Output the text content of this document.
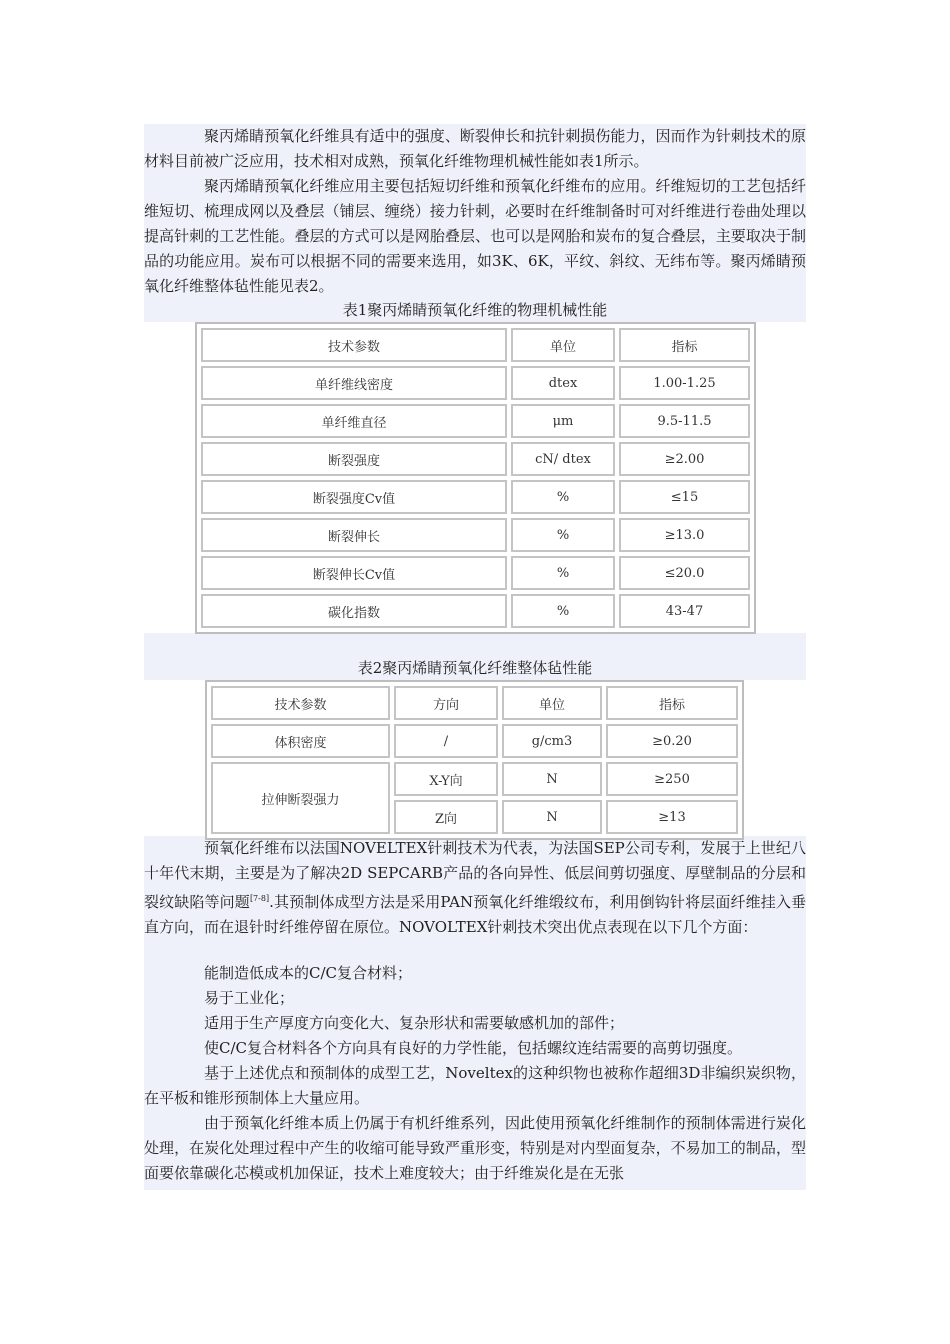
聚丙烯睛预氧化纤维具有适中的强度、断裂伸长和抗针刺损伤能力，因而作为针刺技术的原材料目前被广泛应用，技术相对成熟，预氧化纤维物理机械性能如表1所示。

聚丙烯睛预氧化纤维应用主要包括短切纤维和预氧化纤维布的应用。纤维短切的工艺包括纤维短切、梳理成网以及叠层（铺层、缠绕）接力针刺，必要时在纤维制备时可对纤维进行卷曲处理以提高针刺的工艺性能。叠层的方式可以是网胎叠层、也可以是网胎和炭布的复合叠层，主要取决于制品的功能应用。炭布可以根据不同的需要来选用，如3K、6K，平纹、斜纹、无纬布等。聚丙烯睛预氧化纤维整体毡性能见表2。

表1聚丙烯睛预氧化纤维的物理机械性能
技术参数	单位	指标
单纤维线密度	dtex	1.00-1.25
单纤维直径	μm	9.5-11.5
断裂强度	cN/ dtex	≥2.00
断裂强度Cv值	%	≤15
断裂伸长	%	≥13.0
断裂伸长Cv值	%	≤20.0
碳化指数	%	43-47
表2聚丙烯睛预氧化纤维整体毡性能
技术参数	方向	单位	指标
体积密度	/	g/cm3	≥0.20
拉伸断裂强力	X-Y向	N	≥250
	Z向	N	≥13

预氧化纤维布以法国NOVELTEX针刺技术为代表，为法国SEP公司专利，发展于上世纪八十年代末期，主要是为了解决2D SEPCARB产品的各向异性、低层间剪切强度、厚壁制品的分层和裂纹缺陷等问题[7-8].其预制体成型方法是采用PAN预氧化纤维缎纹布，利用倒钩针将层面纤维挂入垂直方向，而在退针时纤维停留在原位。NOVOLTEX针刺技术突出优点表现在以下几个方面：

能制造低成本的C/C复合材料；
易于工业化；
适用于生产厚度方向变化大、复杂形状和需要敏感机加的部件；
使C/C复合材料各个方向具有良好的力学性能，包括螺纹连结需要的高剪切强度。

基于上述优点和预制体的成型工艺，Noveltex的这种织物也被称作超细3D非编织炭织物，在平板和锥形预制体上大量应用。

由于预氧化纤维本质上仍属于有机纤维系列，因此使用预氧化纤维制作的预制体需进行炭化处理，在炭化处理过程中产生的收缩可能导致严重形变，特别是对内型面复杂，不易加工的制品，型面要依靠碳化芯模或机加保证，技术上难度较大；由于纤维炭化是在无张
